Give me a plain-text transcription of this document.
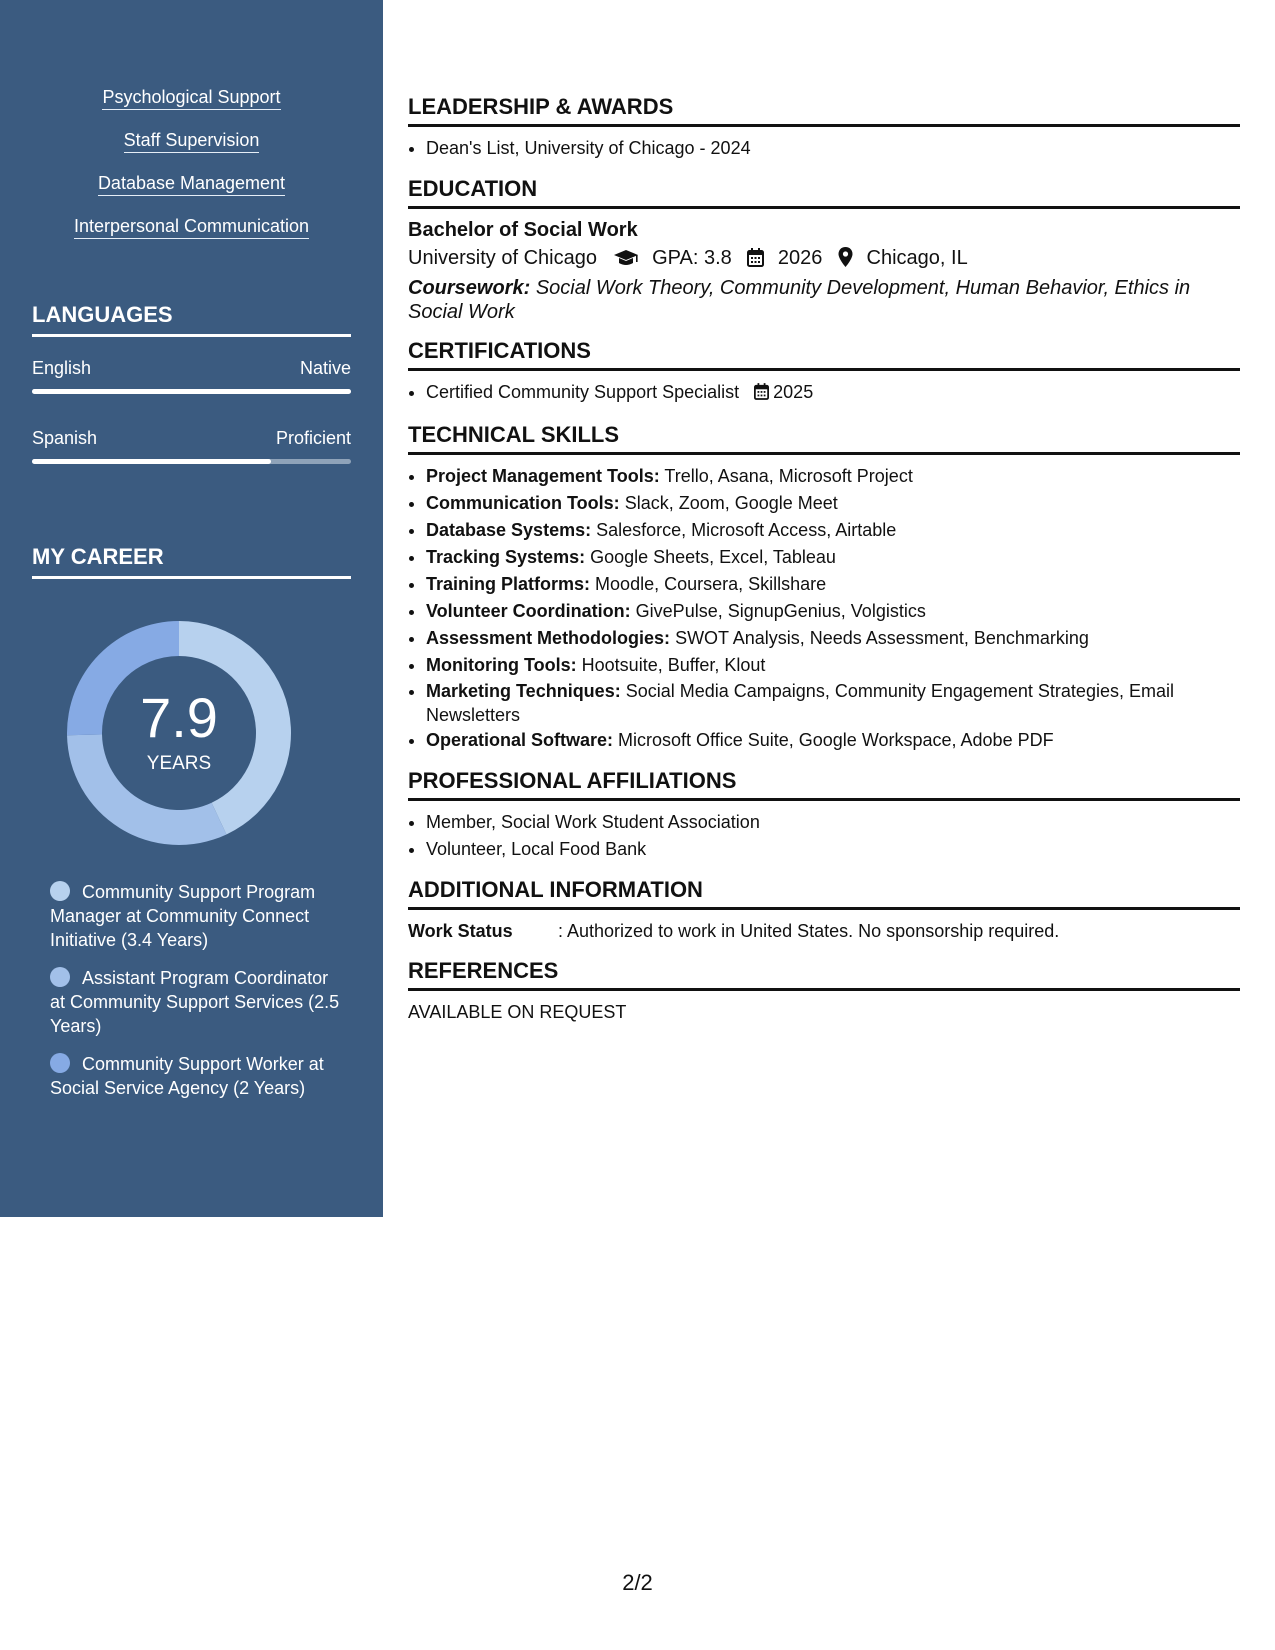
Psychological Support
Staff Supervision
Database Management
Interpersonal Communication
LANGUAGES
English	Native
Spanish	Proficient
MY CAREER
7.9
YEARS
Community Support Program Manager at Community Connect Initiative (3.4 Years)
Assistant Program Coordinator at Community Support Services (2.5 Years)
Community Support Worker at Social Service Agency (2 Years)
LEADERSHIP & AWARDS
• Dean's List, University of Chicago - 2024
EDUCATION
Bachelor of Social Work
University of Chicago	GPA: 3.8 2026 Chicago, IL
Coursework: Social Work Theory, Community Development, Human Behavior, Ethics in Social Work
CERTIFICATIONS
• Certified Community Support Specialist 2025
TECHNICAL SKILLS
• Project Management Tools: Trello, Asana, Microsoft Project
• Communication Tools: Slack, Zoom, Google Meet
• Database Systems: Salesforce, Microsoft Access, Airtable
• Tracking Systems: Google Sheets, Excel, Tableau
• Training Platforms: Moodle, Coursera, Skillshare
• Volunteer Coordination: GivePulse, SignupGenius, Volgistics
• Assessment Methodologies: SWOT Analysis, Needs Assessment, Benchmarking
• Monitoring Tools: Hootsuite, Buffer, Klout
• Marketing Techniques: Social Media Campaigns, Community Engagement Strategies, Email Newsletters
• Operational Software: Microsoft Office Suite, Google Workspace, Adobe PDF
PROFESSIONAL AFFILIATIONS
• Member, Social Work Student Association
• Volunteer, Local Food Bank
ADDITIONAL INFORMATION
Work Status	: Authorized to work in United States. No sponsorship required.
REFERENCES
AVAILABLE ON REQUEST
2/2
